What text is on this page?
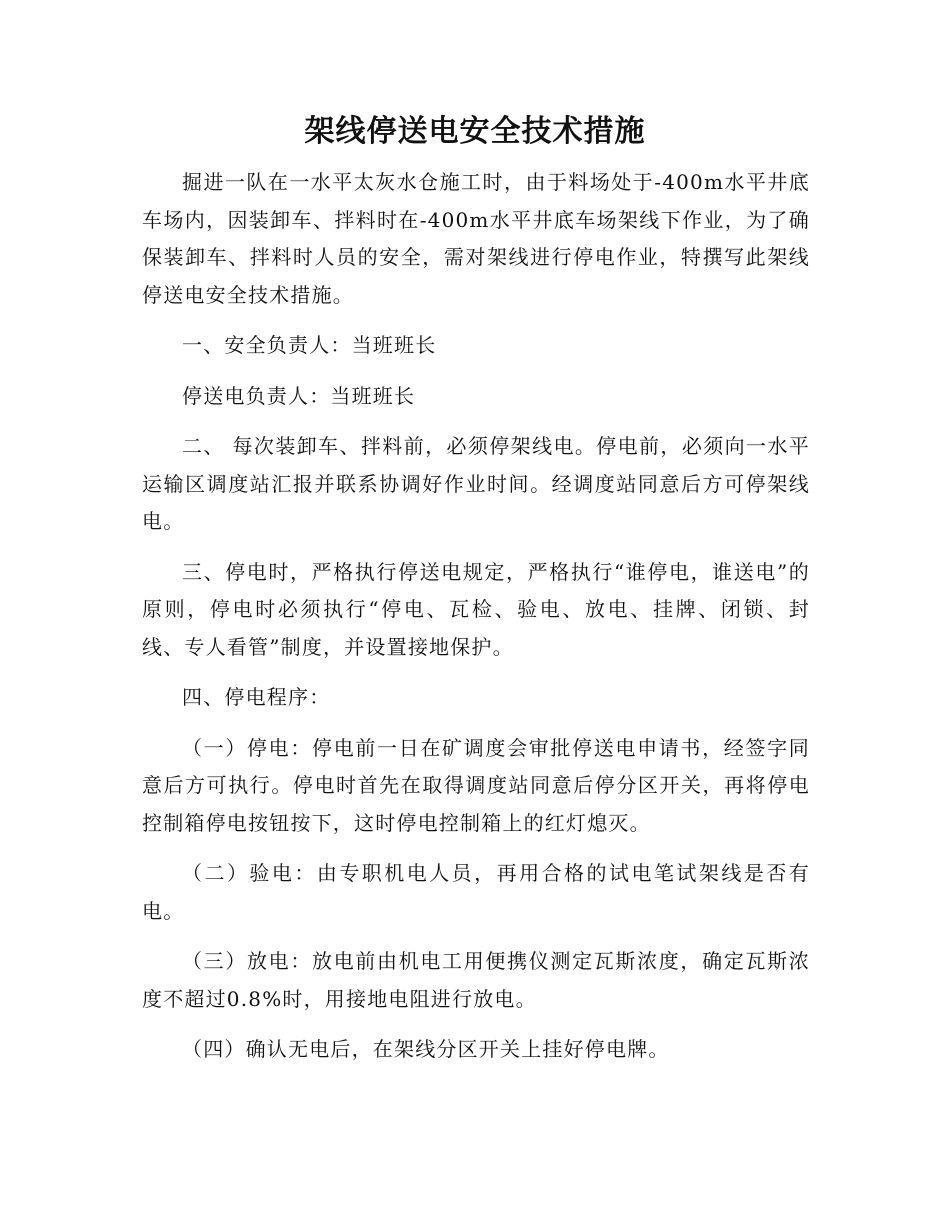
架线停送电安全技术措施

掘进一队在一水平太灰水仓施工时，由于料场处于-400m水平井底车场内，因装卸车、拌料时在-400m水平井底车场架线下作业，为了确保装卸车、拌料时人员的安全，需对架线进行停电作业，特撰写此架线停送电安全技术措施。

一、安全负责人：当班班长

停送电负责人：当班班长

二、 每次装卸车、拌料前，必须停架线电。停电前，必须向一水平运输区调度站汇报并联系协调好作业时间。经调度站同意后方可停架线电。

三、停电时，严格执行停送电规定，严格执行“谁停电，谁送电”的原则，停电时必须执行“停电、瓦检、验电、放电、挂牌、闭锁、封线、专人看管”制度，并设置接地保护。

四、停电程序：

（一）停电：停电前一日在矿调度会审批停送电申请书，经签字同意后方可执行。停电时首先在取得调度站同意后停分区开关，再将停电控制箱停电按钮按下，这时停电控制箱上的红灯熄灭。

（二）验电：由专职机电人员，再用合格的试电笔试架线是否有电。

（三）放电：放电前由机电工用便携仪测定瓦斯浓度，确定瓦斯浓度不超过0.8%时，用接地电阻进行放电。

（四）确认无电后，在架线分区开关上挂好停电牌。
